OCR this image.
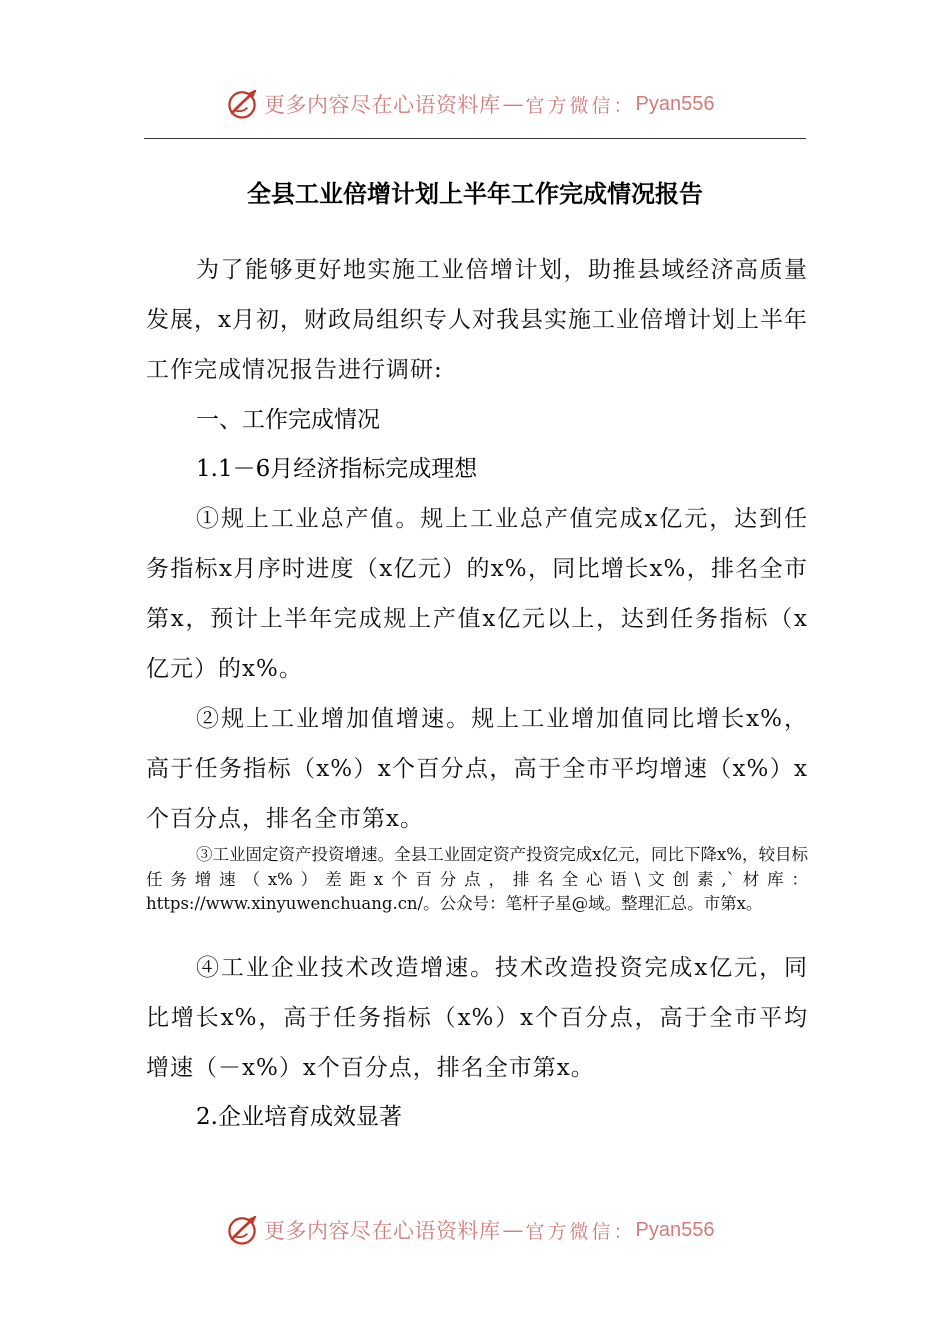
更多内容尽在心语资料库 — 官方微信： Pyan556
全县工业倍增计划上半年工作完成情况报告

为了能够更好地实施工业倍增计划，助推县域经济高质量发展，x月初，财政局组织专人对我县实施工业倍增计划上半年工作完成情况报告进行调研:

一、工作完成情况
1.1－6月经济指标完成理想

①规上工业总产值。规上工业总产值完成x亿元，达到任务指标x月序时进度（x亿元）的x%，同比增长x%，排名全市第x，预计上半年完成规上产值x亿元以上，达到任务指标（x亿元）的x%。

②规上工业增加值增速。规上工业增加值同比增长x%，高于任务指标（x%）x个百分点，高于全市平均增速（x%）x个百分点，排名全市第x。

③工业固定资产投资增速。全县工业固定资产投资完成x亿元，同比下降x%，较目标任务增速（x%）差距x个百分点，排名全心语\文创素,`材库：https://www.xinyuwenchuang.cn/。公众号：笔杆子星@域。整理汇总。市第x。

④工业企业技术改造增速。技术改造投资完成x亿元，同比增长x%，高于任务指标（x%）x个百分点，高于全市平均增速（－x%）x个百分点，排名全市第x。

2.企业培育成效显著
更多内容尽在心语资料库 — 官方微信： Pyan556
